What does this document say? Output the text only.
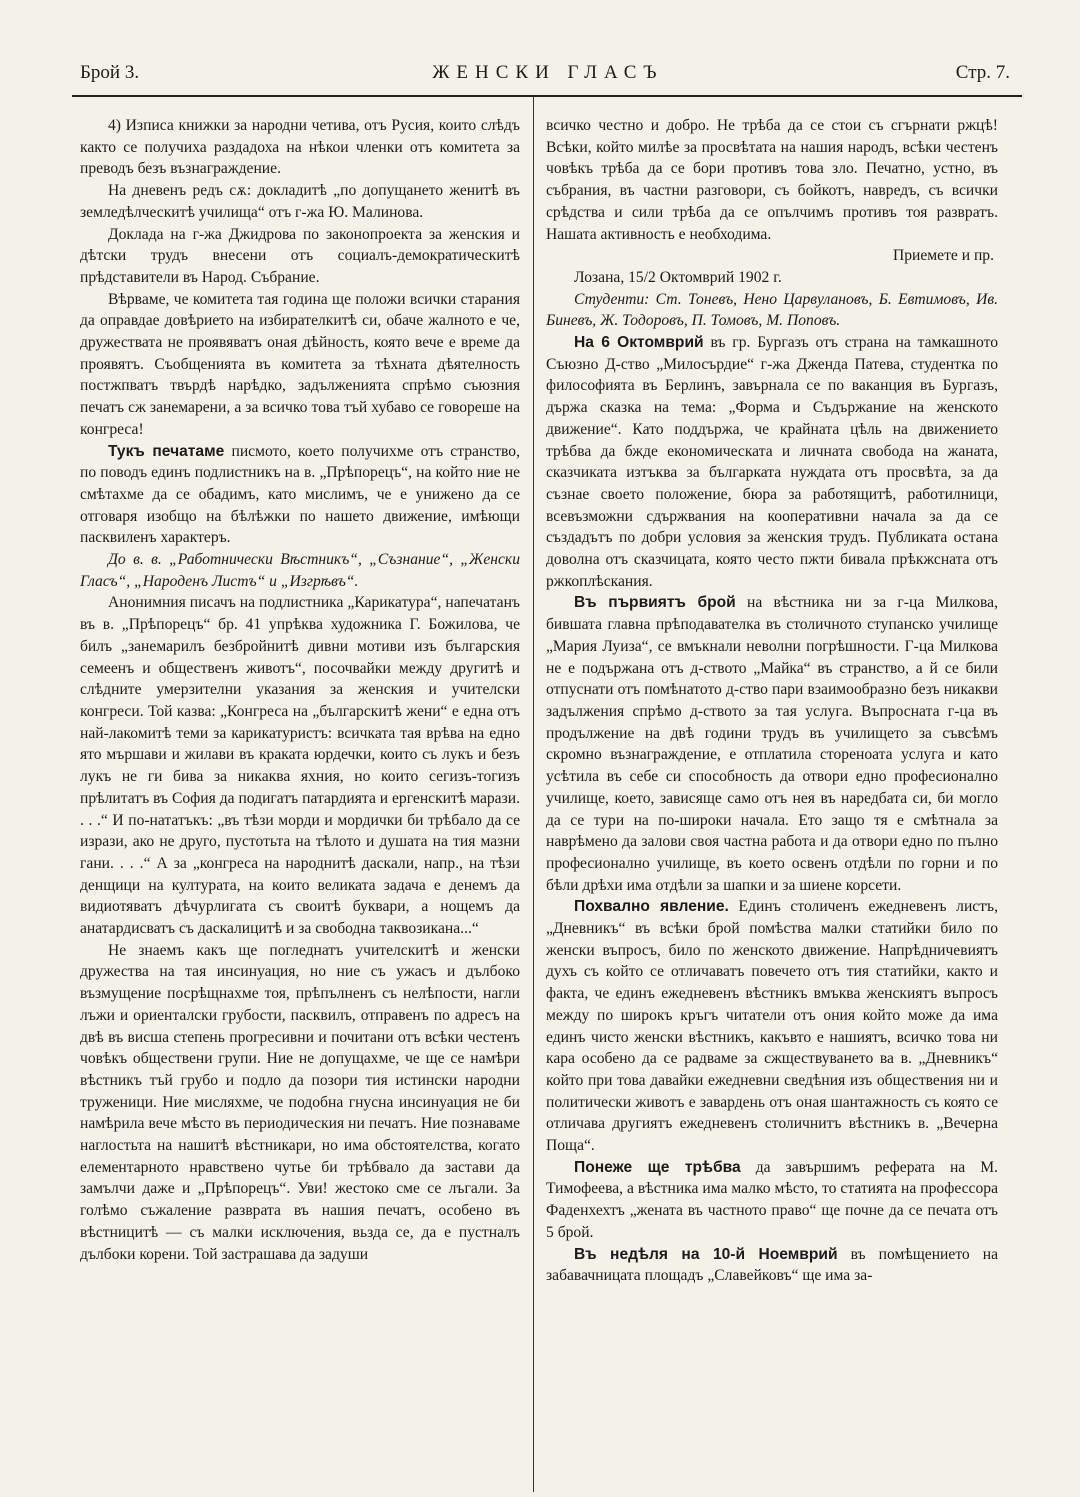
ЖЕНСКИ ГЛАСЪ
Брой 3.	Стр. 7.

4) Изписа книжки за народни четива, отъ Русия, които слѣдъ както се получиха раздадоха на нѣкои членки отъ комитета за преводъ безъ възнаграждение.

На дневенъ редъ сѫ: докладитѣ „по допущането женитѣ въ земледѣлческитѣ училища“ отъ г-жа Ю. Малинова.

Доклада на г-жа Джидрова по законопроекта за женския и дѣтски трудъ внесени отъ социалъ-демократическитѣ прѣдставители въ Народ. Събрание.

Вѣрваме, че комитета тая година ще положи всички старания да оправдае довѣрието на избирателкитѣ си, обаче жалното е че, дружествата не проявяватъ оная дѣйность, която вече е време да проявятъ. Съобщенията въ комитета за тѣхната дѣятелность постжпватъ твърдѣ нарѣдко, задълженията спрѣмо съюзния печатъ сж занемарени, а за всичко това тъй хубаво се говореше на конгреса!

Тукъ печатаме писмото, което получихме отъ странство, по поводъ единъ подлистникъ на в. „Прѣпорецъ“, на който ние не смѣтахме да се обадимъ, като мислимъ, че е унижено да се отговаря изобщо на бѣлѣжки по нашето движение, имѣющи пасквиленъ характеръ.

До в. в. „Работнически Вѣстникъ“, „Съзнание“, „Женски Гласъ“, „Народенъ Листъ“ и „Изгрѣвъ“.

Анонимния писачъ на подлистника „Карикатура“, напечатанъ въ в. „Прѣпорецъ“ бр. 41 упрѣква художника Г. Божилова, че билъ „занемарилъ безбройнитѣ дивни мотиви изъ българския семеенъ и общественъ животъ“, посочвайки между другитѣ и слѣдните умерзителни указания за женския и учителски конгреси. Той казва: „Конгреса на „българскитѣ жени“ е една отъ най-лакомитѣ теми за карикатуристъ: всичката тая врѣва на едно ято мършави и жилави въ краката юрдечки, които съ лукъ и безъ лукъ не ги бива за никаква яхния, но които сегизъ-тогизъ прѣлитатъ въ София да подигатъ патардията и ергенскитѣ марази. . . .“ И по-нататъкъ: „въ тѣзи морди и мордички би трѣбало да се изрази, ако не друго, пустотьта на тѣлото и душата на тия мазни гани. . . .“ А за „конгреса на народнитѣ даскали, напр., на тѣзи денщици на културата, на които великата задача е денемъ да видиотяватъ дѣчурлигата съ своитѣ буквари, а нощемъ да анатардисватъ съ даскалицитѣ и за свободна таквозикана...“

Не знаемъ какъ ще погледнатъ учителскитѣ и женски дружества на тая инсинуация, но ние съ ужасъ и дълбоко възмущение посрѣщнахме тоя, прѣпълненъ съ нелѣпости, нагли лъжи и ориенталски грубости, пасквилъ, отправенъ по адресъ на двѣ въ висша степень прогресивни и почитани отъ всѣки честенъ човѣкъ обществени групи. Ние не допущахме, че ще се намѣри вѣстникъ тъй грубо и подло да позори тия истински народни труженици. Ние мисляхме, че подобна гнусна инсинуация не би намѣрила вече мѣсто въ периодическия ни печатъ. Ние познаваме наглостьта на нашитѣ вѣстникари, но има обстоятелства, когато елементарното нравствено чутье би трѣбвало да застави да замълчи даже и „Прѣпорецъ“. Уви! жестоко сме се лъгали. За голѣмо съжаление разврата въ нашия печатъ, особено въ вѣстницитѣ — съ малки исключения, вьзда се, да е пустналъ дълбоки корени. Той застрашава да задуши

всичко честно и добро. Не трѣба да се стои съ сгърнати ржцѣ! Всѣки, който милѣе за просвѣтата на нашия народъ, всѣки честенъ човѣкъ трѣба да се бори противъ това зло. Печатно, устно, въ събрания, въ частни разговори, съ бойкотъ, навредъ, съ всички срѣдства и сили трѣба да се опълчимъ противъ тоя развратъ. Нашата активность е необходима.

Приемете и пр.

Лозана, 15/2 Октомврий 1902 г.

Студенти: Ст. Тоневъ, Нено Царвулановъ, Б. Евтимовъ, Ив. Биневъ, Ж. Тодоровъ, П. Томовъ, М. Поповъ.

На 6 Октомврий въ гр. Бургазъ отъ страна на тамкашното Съюзно Д-ство „Милосърдие“ г-жа Дженда Патева, студентка по философията въ Берлинъ, завърнала се по ваканция въ Бургазъ, държа сказка на тема: „Форма и Съдържание на женското движение“. Като поддържа, че крайната цѣль на движението трѣбва да бжде економическата и личната свобода на жаната, сказчиката изтъква за българката нуждата отъ просвѣта, за да съзнае своето положение, бюра за работящитѣ, работилници, всевъзможни сдържвания на кооперативни начала за да се създадътъ по добри условия за женския трудъ. Публиката остана доволна отъ сказчицата, която често пжти бивала прѣкжсната отъ ржкоплѣскания.

Въ първиятъ брой на вѣстника ни за г-ца Милкова, бившата главна прѣподавателка въ столичното ступанско училище „Мария Луиза“, се вмъкнали неволни погрѣшности. Г-ца Милкова не е подържана отъ д-ството „Майка“ въ странство, а й се били отпуснати отъ помѣнатото д-ство пари взаимообразно безъ никакви задължения спрѣмо д-ството за тая услуга. Въпросната г-ца въ продължение на двѣ години трудъ въ училището за съвсѣмъ скромно възнаграждение, е отплатила стореноата услуга и като усѣтила въ себе си способность да отвори едно професионално училище, което, зависяще само отъ нея въ наредбата си, би могло да се тури на по-широки начала. Ето защо тя е смѣтнала за наврѣмено да залови своя частна работа и да отвори едно по пълно професионално училище, въ което освенъ отдѣли по горни и по бѣли дрѣхи има отдѣли за шапки и за шиене корсети.

Похвално явление. Единъ столиченъ ежедневенъ листъ, „Дневникъ“ въ всѣки брой помѣства малки статийки било по женски въпросъ, било по женското движение. Напрѣдничевиятъ духъ съ който се отличаватъ повечето отъ тия статийки, както и факта, че единъ ежедневенъ вѣстникъ вмъква женскиятъ въпросъ между по широкъ кръгъ читатели отъ ония който може да има единъ чисто женски вѣстникъ, какъвто е нашиятъ, всичко това ни кара особено да се радваме за сжществуването ва в. „Дневникъ“ който при това давайки ежедневни сведѣния изъ обществения ни и политически животъ е завардень отъ оная шантажность съ която се отличава другиятъ ежедневенъ столичнитъ вѣстникъ в. „Вечерна Поща“.

Понеже ще трѣбва да завършимъ реферата на М. Тимофеева, а вѣстника има малко мѣсто, то статията на профессора Фаденхехтъ „жената въ частното право“ ще почне да се печата отъ 5 брой.

Въ недѣля на 10-й Ноемврий въ помѣщението на забавачницата площадъ „Славейковъ“ ще има за-
